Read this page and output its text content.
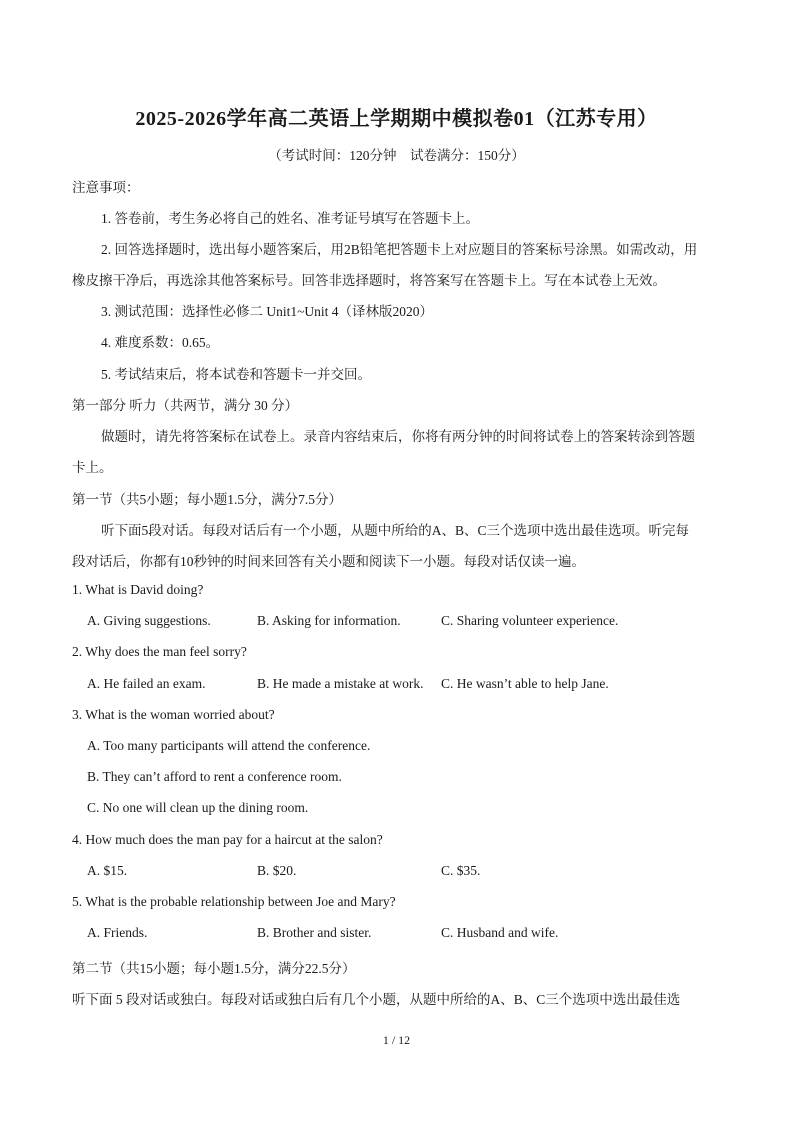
2025-2026学年高二英语上学期期中模拟卷01（江苏专用）
（考试时间：120分钟　试卷满分：150分）
注意事项：
1. 答卷前，考生务必将自己的姓名、准考证号填写在答题卡上。
2. 回答选择题时，选出每小题答案后，用2B铅笔把答题卡上对应题目的答案标号涂黑。如需改动，用
橡皮擦干净后，再选涂其他答案标号。回答非选择题时，将答案写在答题卡上。写在本试卷上无效。
3. 测试范围：选择性必修二 Unit1~Unit 4（译林版2020）
4. 难度系数：0.65。
5. 考试结束后，将本试卷和答题卡一并交回。
第一部分 听力（共两节，满分 30 分）
做题时，请先将答案标在试卷上。录音内容结束后，你将有两分钟的时间将试卷上的答案转涂到答题
卡上。
第一节（共5小题；每小题1.5分，满分7.5分）
听下面5段对话。每段对话后有一个小题，从题中所给的A、B、C三个选项中选出最佳选项。听完每
段对话后，你都有10秒钟的时间来回答有关小题和阅读下一小题。每段对话仅读一遍。
1. What is David doing?
A. Giving suggestions.	B. Asking for information.	C. Sharing volunteer experience.
2. Why does the man feel sorry?
A. He failed an exam.	B. He made a mistake at work. C. He wasn’t able to help Jane.
3. What is the woman worried about?
A. Too many participants will attend the conference.
B. They can’t afford to rent a conference room.
C. No one will clean up the dining room.
4. How much does the man pay for a haircut at the salon?
A. $15.	B. $20.	C. $35.
5. What is the probable relationship between Joe and Mary?
A. Friends.	B. Brother and sister.	C. Husband and wife.
第二节（共15小题；每小题1.5分，满分22.5分）
听下面 5 段对话或独白。每段对话或独白后有几个小题，从题中所给的A、B、C三个选项中选出最佳选
1 / 12
